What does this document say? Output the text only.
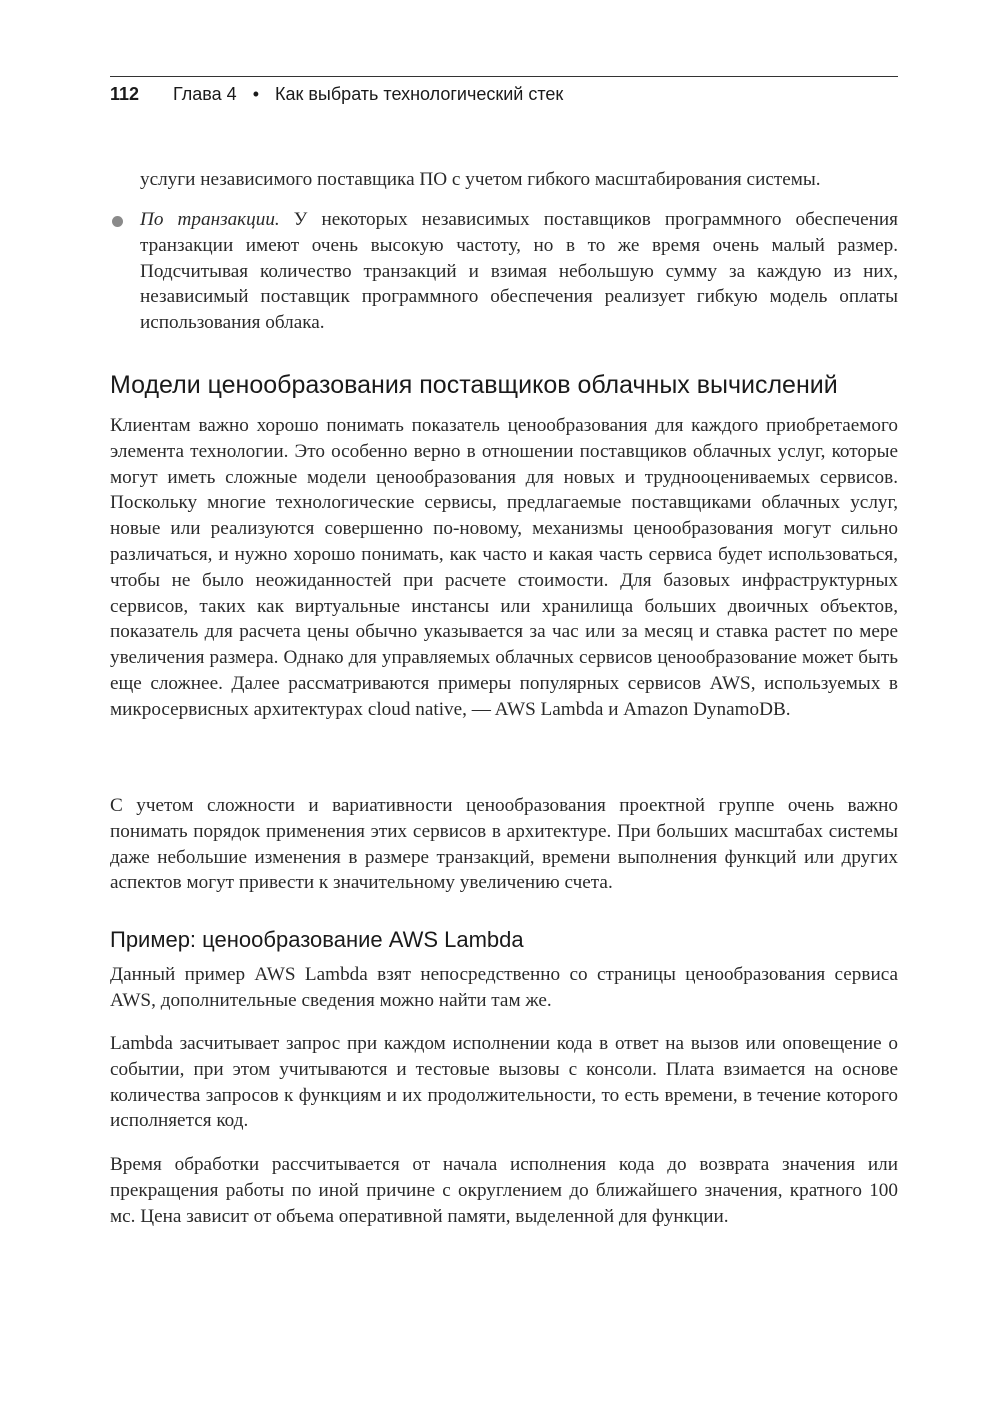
112 Глава 4 • Как выбрать технологический стек

услуги независимого поставщика ПО с учетом гибкого масштабирования системы.

По транзакции. У некоторых независимых поставщиков программного обеспечения транзакции имеют очень высокую частоту, но в то же время очень малый размер. Подсчитывая количество транзакций и взимая небольшую сумму за каждую из них, независимый поставщик программного обеспечения реализует гибкую модель оплаты использования облака.

Модели ценообразования поставщиков облачных вычислений

Клиентам важно хорошо понимать показатель ценообразования для каждого приобретаемого элемента технологии. Это особенно верно в отношении поставщиков облачных услуг, которые могут иметь сложные модели ценообразования для новых и труднооцениваемых сервисов. Поскольку многие технологические сервисы, предлагаемые поставщиками облачных услуг, новые или реализуются совершенно по-новому, механизмы ценообразования могут сильно различаться, и нужно хорошо понимать, как часто и какая часть сервиса будет использоваться, чтобы не было неожиданностей при расчете стоимости. Для базовых инфраструктурных сервисов, таких как виртуальные инстансы или хранилища больших двоичных объектов, показатель для расчета цены обычно указывается за час или за месяц и ставка растет по мере увеличения размера. Однако для управляемых облачных сервисов ценообразование может быть еще сложнее. Далее рассматриваются примеры популярных сервисов AWS, используемых в микросервисных архитектурах cloud native, — AWS Lambda и Amazon DynamoDB.

С учетом сложности и вариативности ценообразования проектной группе очень важно понимать порядок применения этих сервисов в архитектуре. При больших масштабах системы даже небольшие изменения в размере транзакций, времени выполнения функций или других аспектов могут привести к значительному увеличению счета.

Пример: ценообразование AWS Lambda

Данный пример AWS Lambda взят непосредственно со страницы ценообразования сервиса AWS, дополнительные сведения можно найти там же.

Lambda засчитывает запрос при каждом исполнении кода в ответ на вызов или оповещение о событии, при этом учитываются и тестовые вызовы с консоли. Плата взимается на основе количества запросов к функциям и их продолжительности, то есть времени, в течение которого исполняется код.

Время обработки рассчитывается от начала исполнения кода до возврата значения или прекращения работы по иной причине с округлением до ближайшего значения, кратного 100 мс. Цена зависит от объема оперативной памяти, выделенной для функции.
